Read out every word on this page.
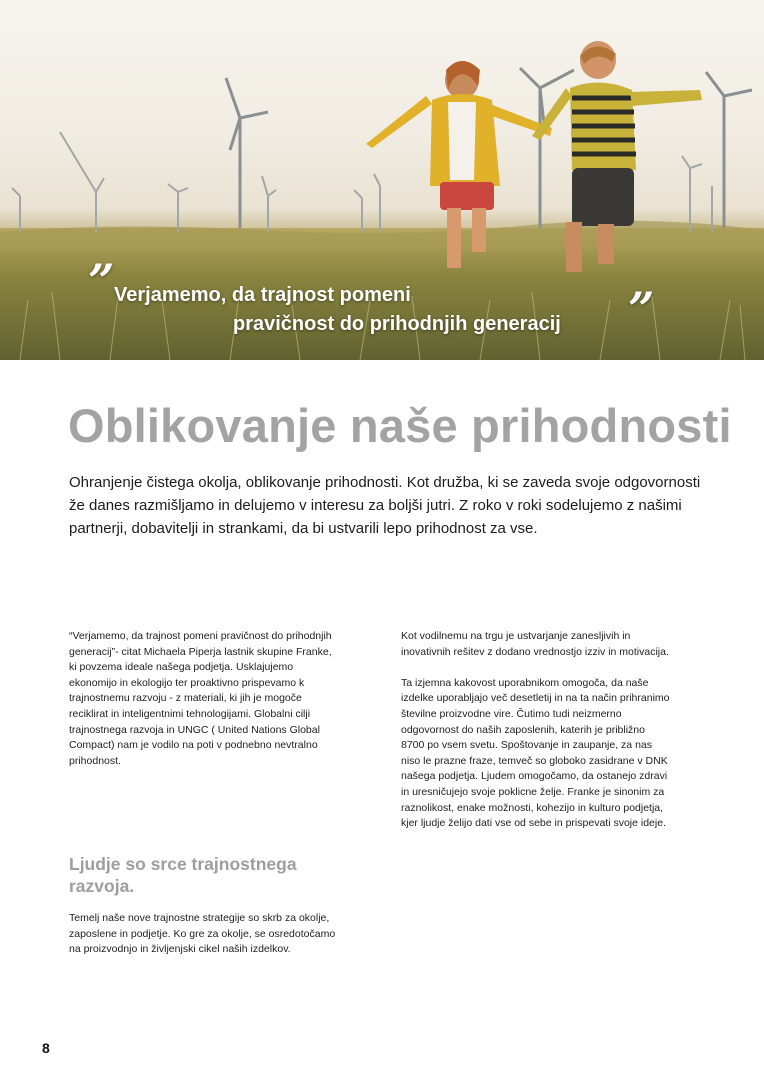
” Verjamemo, da trajnost pomeni
pravičnost do prihodnjih generacij ”
Oblikovanje naše prihodnosti

Ohranjenje čistega okolja, oblikovanje prihodnosti. Kot družba, ki se zaveda svoje odgovornosti že danes razmišljamo in delujemo v interesu za boljši jutri. Z roko v roki sodelujemo z našimi partnerji, dobavitelji in strankami, da bi ustvarili lepo prihodnost za vse.

“Verjamemo, da trajnost pomeni pravičnost do prihodnjih generacij”- citat Michaela Piperja lastnik skupine Franke, ki povzema ideale našega podjetja. Usklajujemo ekonomijo in ekologijo ter proaktivno prispevamo k trajnostnemu razvoju - z materiali, ki jih je mogoče reciklirat in inteligentnimi tehnologijami. Globalni cilji trajnostnega razvoja in UNGC ( United Nations Global Compact) nam je vodilo na poti v podnebno nevtralno prihodnost.

Kot vodilnemu na trgu je ustvarjanje zanesljivih in inovativnih rešitev z dodano vrednostjo izziv in motivacija.

Ta izjemna kakovost uporabnikom omogoča, da naše izdelke uporabljajo več desetletij in na ta način prihranimo številne proizvodne vire. Čutimo tudi neizmerno odgovornost do naših zaposlenih, katerih je približno 8700 po vsem svetu. Spoštovanje in zaupanje, za nas niso le prazne fraze, temveč so globoko zasidrane v DNK našega podjetja. Ljudem omogočamo, da ostanejo zdravi in uresničujejo svoje poklicne želje. Franke je sinonim za raznolikost, enake možnosti, kohezijo in kulturo podjetja, kjer ljudje želijo dati vse od sebe in prispevati svoje ideje.

Ljudje so srce trajnostnega razvoja.

Temelj naše nove trajnostne strategije so skrb za okolje, zaposlene in podjetje. Ko gre za okolje, se osredotočamo na proizvodnjo in življenjski cikel naših izdelkov.

8
